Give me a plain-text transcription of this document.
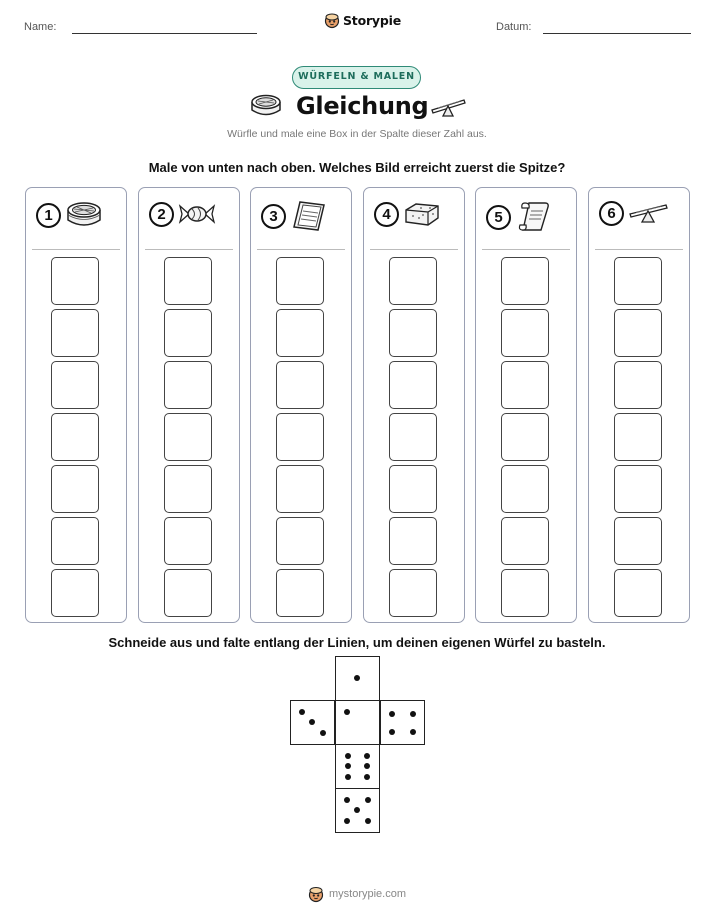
Name:	Storypie	Datum:
WÜRFELN & MALEN
Gleichung
Würfle und male eine Box in der Spalte dieser Zahl aus.
Male von unten nach oben. Welches Bild erreicht zuerst die Spitze?
1	2	3	4	5	6
Schneide aus und falte entlang der Linien, um deinen eigenen Würfel zu basteln.
mystorypie.com
